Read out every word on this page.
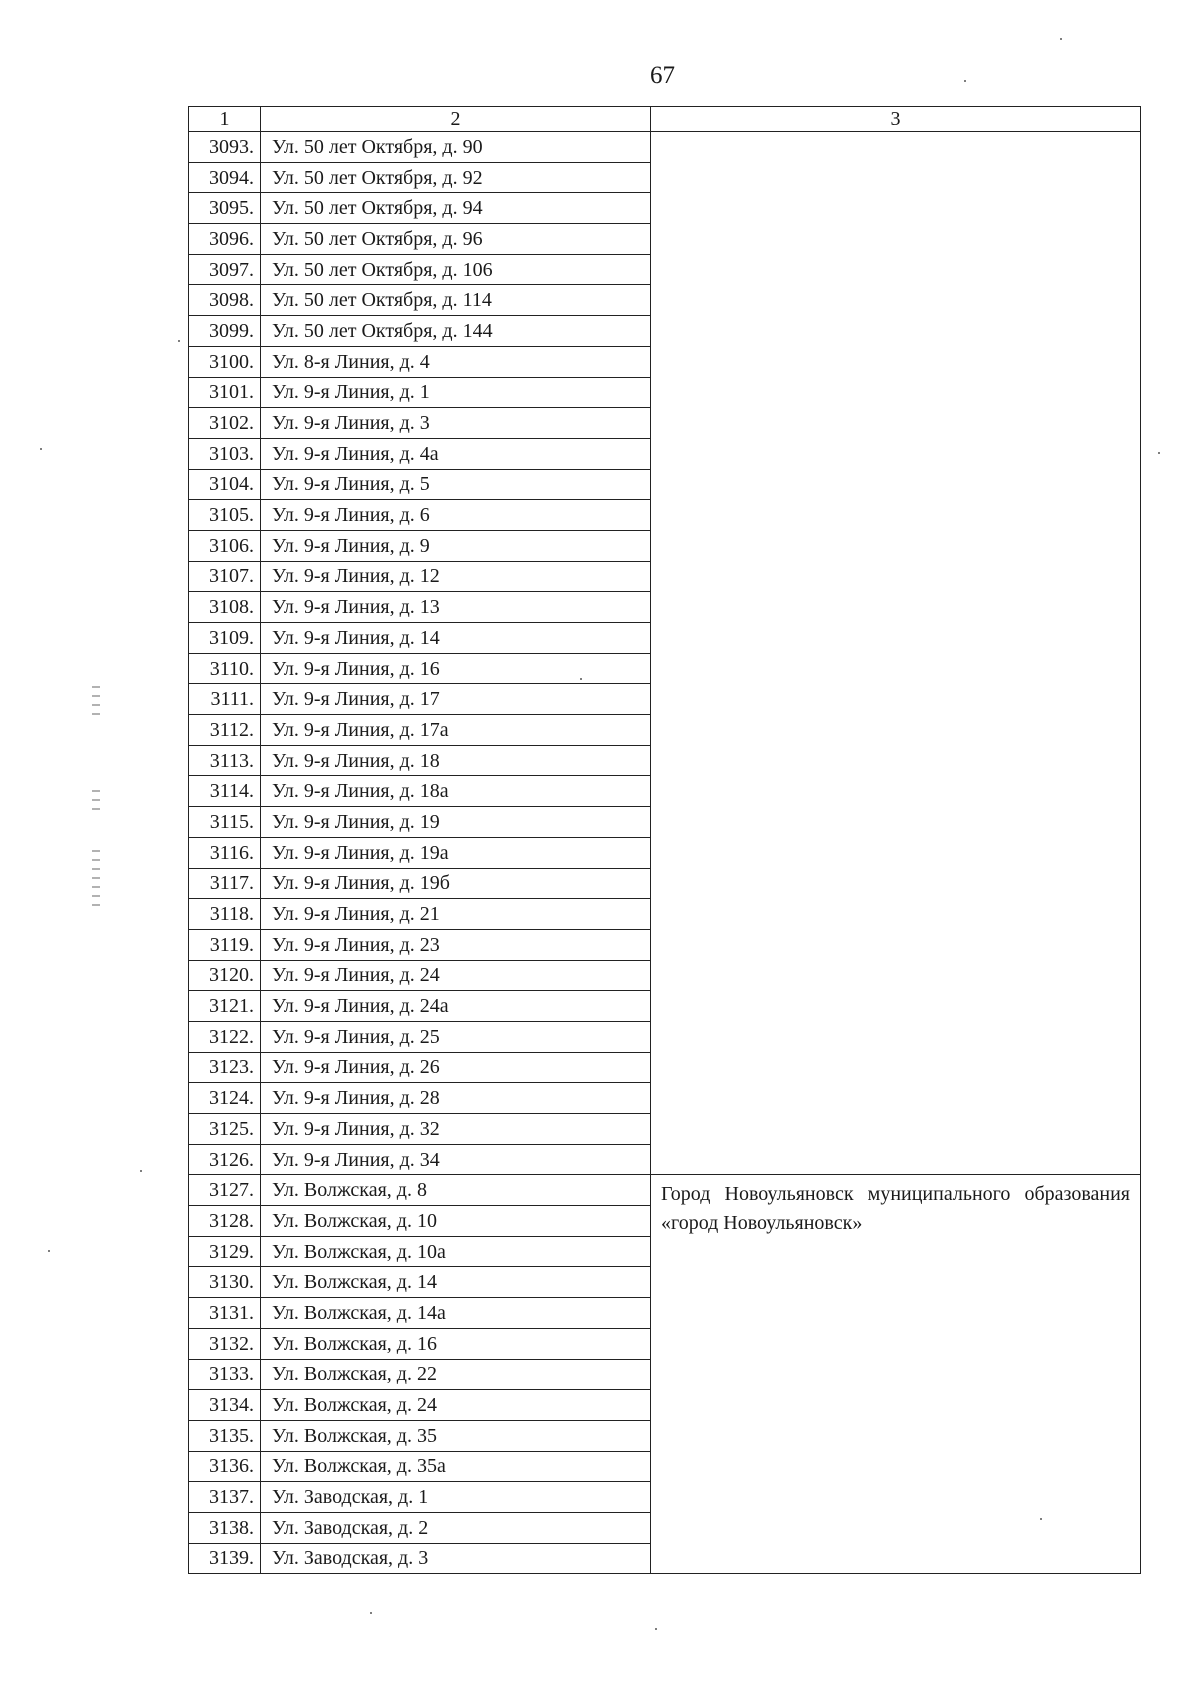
67
1	2	3
3093.	Ул. 50 лет Октября, д. 90	
3094.	Ул. 50 лет Октября, д. 92	
3095.	Ул. 50 лет Октября, д. 94	
3096.	Ул. 50 лет Октября, д. 96	
3097.	Ул. 50 лет Октября, д. 106	
3098.	Ул. 50 лет Октября, д. 114	
3099.	Ул. 50 лет Октября, д. 144	
3100.	Ул. 8-я Линия, д. 4	
3101.	Ул. 9-я Линия, д. 1	
3102.	Ул. 9-я Линия, д. 3	
3103.	Ул. 9-я Линия, д. 4а	
3104.	Ул. 9-я Линия, д. 5	
3105.	Ул. 9-я Линия, д. 6	
3106.	Ул. 9-я Линия, д. 9	
3107.	Ул. 9-я Линия, д. 12	
3108.	Ул. 9-я Линия, д. 13	
3109.	Ул. 9-я Линия, д. 14	
3110.	Ул. 9-я Линия, д. 16	
3111.	Ул. 9-я Линия, д. 17	
3112.	Ул. 9-я Линия, д. 17а	
3113.	Ул. 9-я Линия, д. 18	
3114.	Ул. 9-я Линия, д. 18а	
3115.	Ул. 9-я Линия, д. 19	
3116.	Ул. 9-я Линия, д. 19а	
3117.	Ул. 9-я Линия, д. 19б	
3118.	Ул. 9-я Линия, д. 21	
3119.	Ул. 9-я Линия, д. 23	
3120.	Ул. 9-я Линия, д. 24	
3121.	Ул. 9-я Линия, д. 24а	
3122.	Ул. 9-я Линия, д. 25	
3123.	Ул. 9-я Линия, д. 26	
3124.	Ул. 9-я Линия, д. 28	
3125.	Ул. 9-я Линия, д. 32	
3126.	Ул. 9-я Линия, д. 34	
3127.	Ул. Волжская, д. 8	Город Новоульяновск муниципального образования «город Новоульяновск»
3128.	Ул. Волжская, д. 10	
3129.	Ул. Волжская, д. 10а	
3130.	Ул. Волжская, д. 14	
3131.	Ул. Волжская, д. 14а	
3132.	Ул. Волжская, д. 16	
3133.	Ул. Волжская, д. 22	
3134.	Ул. Волжская, д. 24	
3135.	Ул. Волжская, д. 35	
3136.	Ул. Волжская, д. 35а	
3137.	Ул. Заводская, д. 1	
3138.	Ул. Заводская, д. 2	
3139.	Ул. Заводская, д. 3	
